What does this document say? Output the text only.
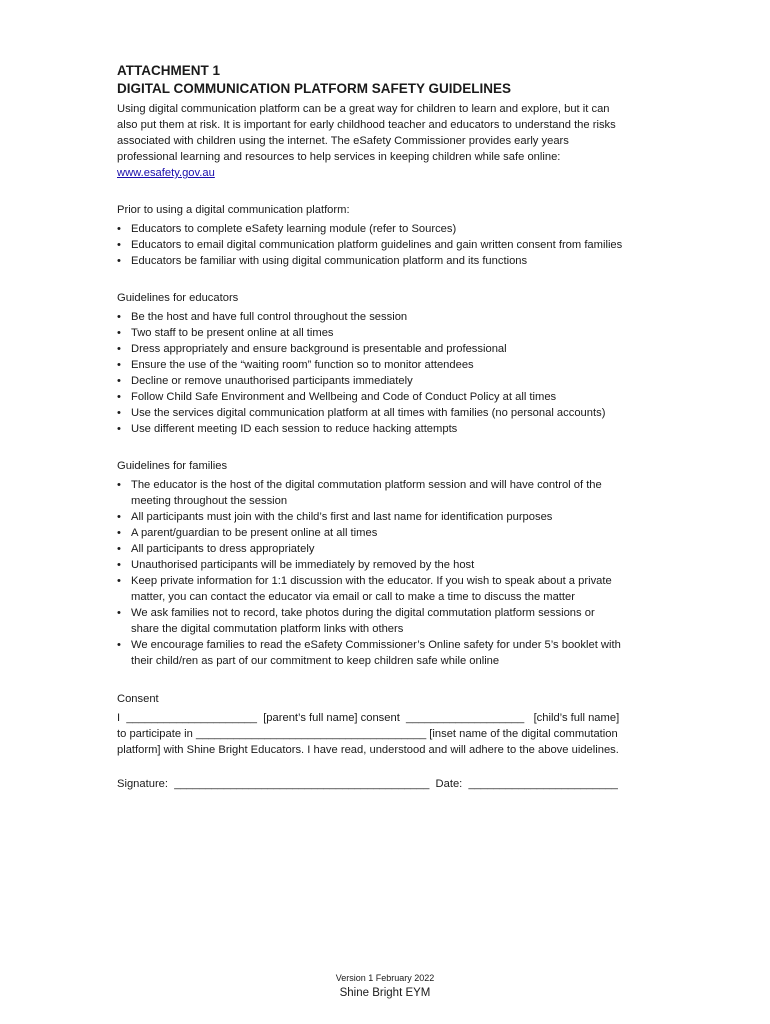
ATTACHMENT 1

DIGITAL COMMUNICATION PLATFORM SAFETY GUIDELINES

Using digital communication platform can be a great way for children to learn and explore, but it can
also put them at risk. It is important for early childhood teacher and educators to understand the risks
associated with children using the internet. The eSafety Commissioner provides early years
professional learning and resources to help services in keeping children while safe online:
www.esafety.gov.au

Prior to using a digital communication platform:

• Educators to complete eSafety learning module (refer to Sources)
• Educators to email digital communication platform guidelines and gain written consent from families
• Educators be familiar with using digital communication platform and its functions

Guidelines for educators

• Be the host and have full control throughout the session
• Two staff to be present online at all times
• Dress appropriately and ensure background is presentable and professional
• Ensure the use of the “waiting room” function so to monitor attendees
• Decline or remove unauthorised participants immediately
• Follow Child Safe Environment and Wellbeing and Code of Conduct Policy at all times
• Use the services digital communication platform at all times with families (no personal accounts)
• Use different meeting ID each session to reduce hacking attempts

Guidelines for families

• The educator is the host of the digital commutation platform session and will have control of the
meeting throughout the session
• All participants must join with the child’s first and last name for identification purposes
• A parent/guardian to be present online at all times
• All participants to dress appropriately
• Unauthorised participants will be immediately by removed by the host
• Keep private information for 1:1 discussion with the educator. If you wish to speak about a private
matter, you can contact the educator via email or call to make a time to discuss the matter
• We ask families not to record, take photos during the digital commutation platform sessions or
share the digital commutation platform links with others
• We encourage families to read the eSafety Commissioner’s Online safety for under 5’s booklet with
their child/ren as part of our commitment to keep children safe while online

Consent

I  _____________________  [parent’s full name] consent  ___________________   [child’s full name]

to participate in _____________________________________ [inset name of the digital commutation

platform] with Shine Bright Educators. I have read, understood and will adhere to the above uidelines.

Signature:  _________________________________________  Date:  ________________________

Version 1 February 2022
Shine Bright EYM
